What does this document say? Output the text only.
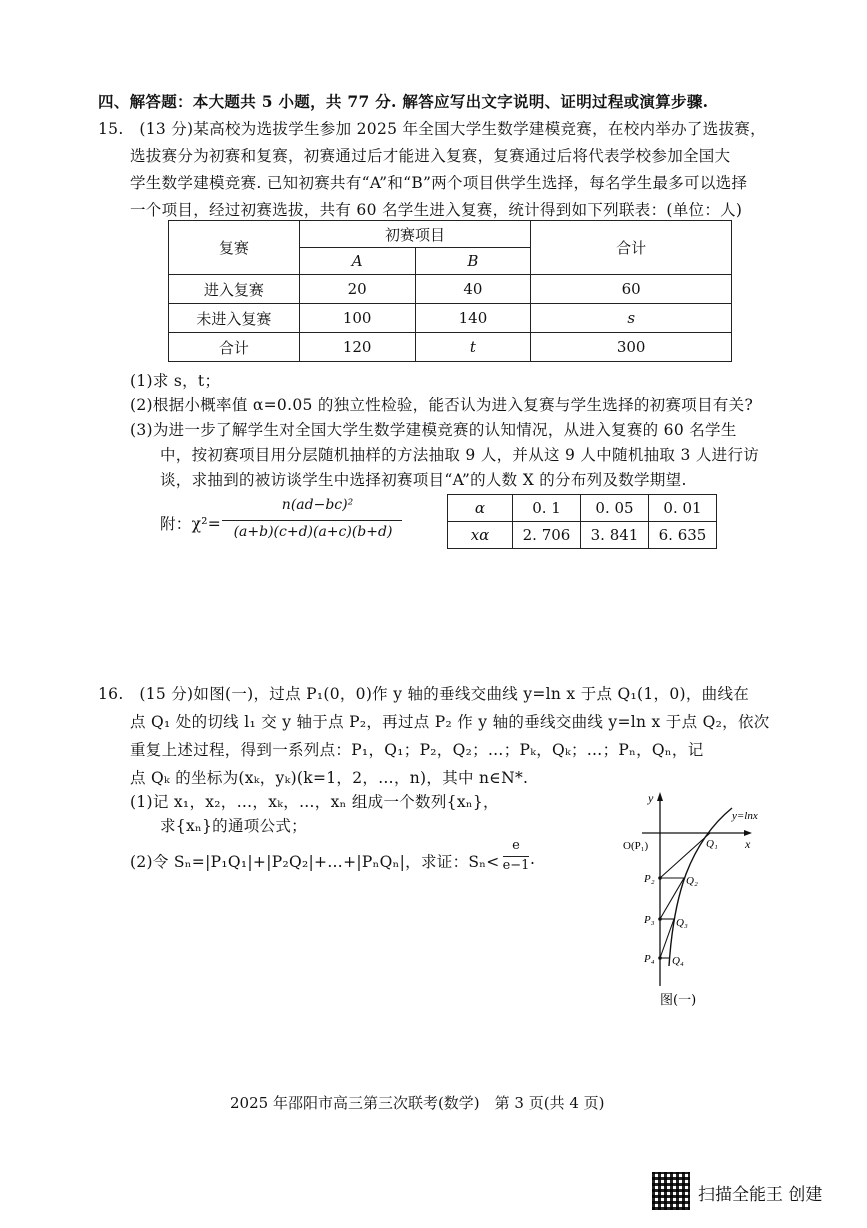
四、解答题：本大题共 5 小题，共 77 分. 解答应写出文字说明、证明过程或演算步骤.
15.　(13 分)某高校为选拔学生参加 2025 年全国大学生数学建模竞赛，在校内举办了选拔赛，
选拔赛分为初赛和复赛，初赛通过后才能进入复赛，复赛通过后将代表学校参加全国大
学生数学建模竞赛. 已知初赛共有“A”和“B”两个项目供学生选择，每名学生最多可以选择
一个项目，经过初赛选拔，共有 60 名学生进入复赛，统计得到如下列联表：(单位：人)
复赛	初赛项目		合计
	A	B	
进入复赛	20	40	60
未进入复赛	100	140	s
合计	120	t	300
(1)求 s，t；
(2)根据小概率值 α=0.05 的独立性检验，能否认为进入复赛与学生选择的初赛项目有关?
(3)为进一步了解学生对全国大学生数学建模竞赛的认知情况，从进入复赛的 60 名学生
中，按初赛项目用分层随机抽样的方法抽取 9 人，并从这 9 人中随机抽取 3 人进行访
谈，求抽到的被访谈学生中选择初赛项目“A”的人数 X 的分布列及数学期望.
附：χ²=
n(ad−bc)²
(a+b)(c+d)(a+c)(b+d)
α	0. 1	0. 05	0. 01
xα	2. 706	3. 841	6. 635
16.　(15 分)如图(一)，过点 P₁(0，0)作 y 轴的垂线交曲线 y=ln x 于点 Q₁(1，0)，曲线在
点 Q₁ 处的切线 l₁ 交 y 轴于点 P₂，再过点 P₂ 作 y 轴的垂线交曲线 y=ln x 于点 Q₂，依次
重复上述过程，得到一系列点：P₁，Q₁；P₂，Q₂；…；Pₖ，Qₖ；…；Pₙ，Qₙ，记
点 Qₖ 的坐标为(xₖ，yₖ)(k=1，2，…，n)，其中 n∈N*.
(1)记 x₁，x₂，…，xₖ，…，xₙ 组成一个数列{xₙ}，
求{xₙ}的通项公式；
(2)令 Sₙ=|P₁Q₁|+|P₂Q₂|+…+|PₙQₙ|，求证：Sₙ<
e
e−1 .
y
x
y=lnx
O(P₁)	Q₁
P₂	Q₂
P₃ Q₃
P₄ Q₄
图(一)
2025 年邵阳市高三第三次联考(数学)　第 3 页(共 4 页)
扫描全能王 创建
